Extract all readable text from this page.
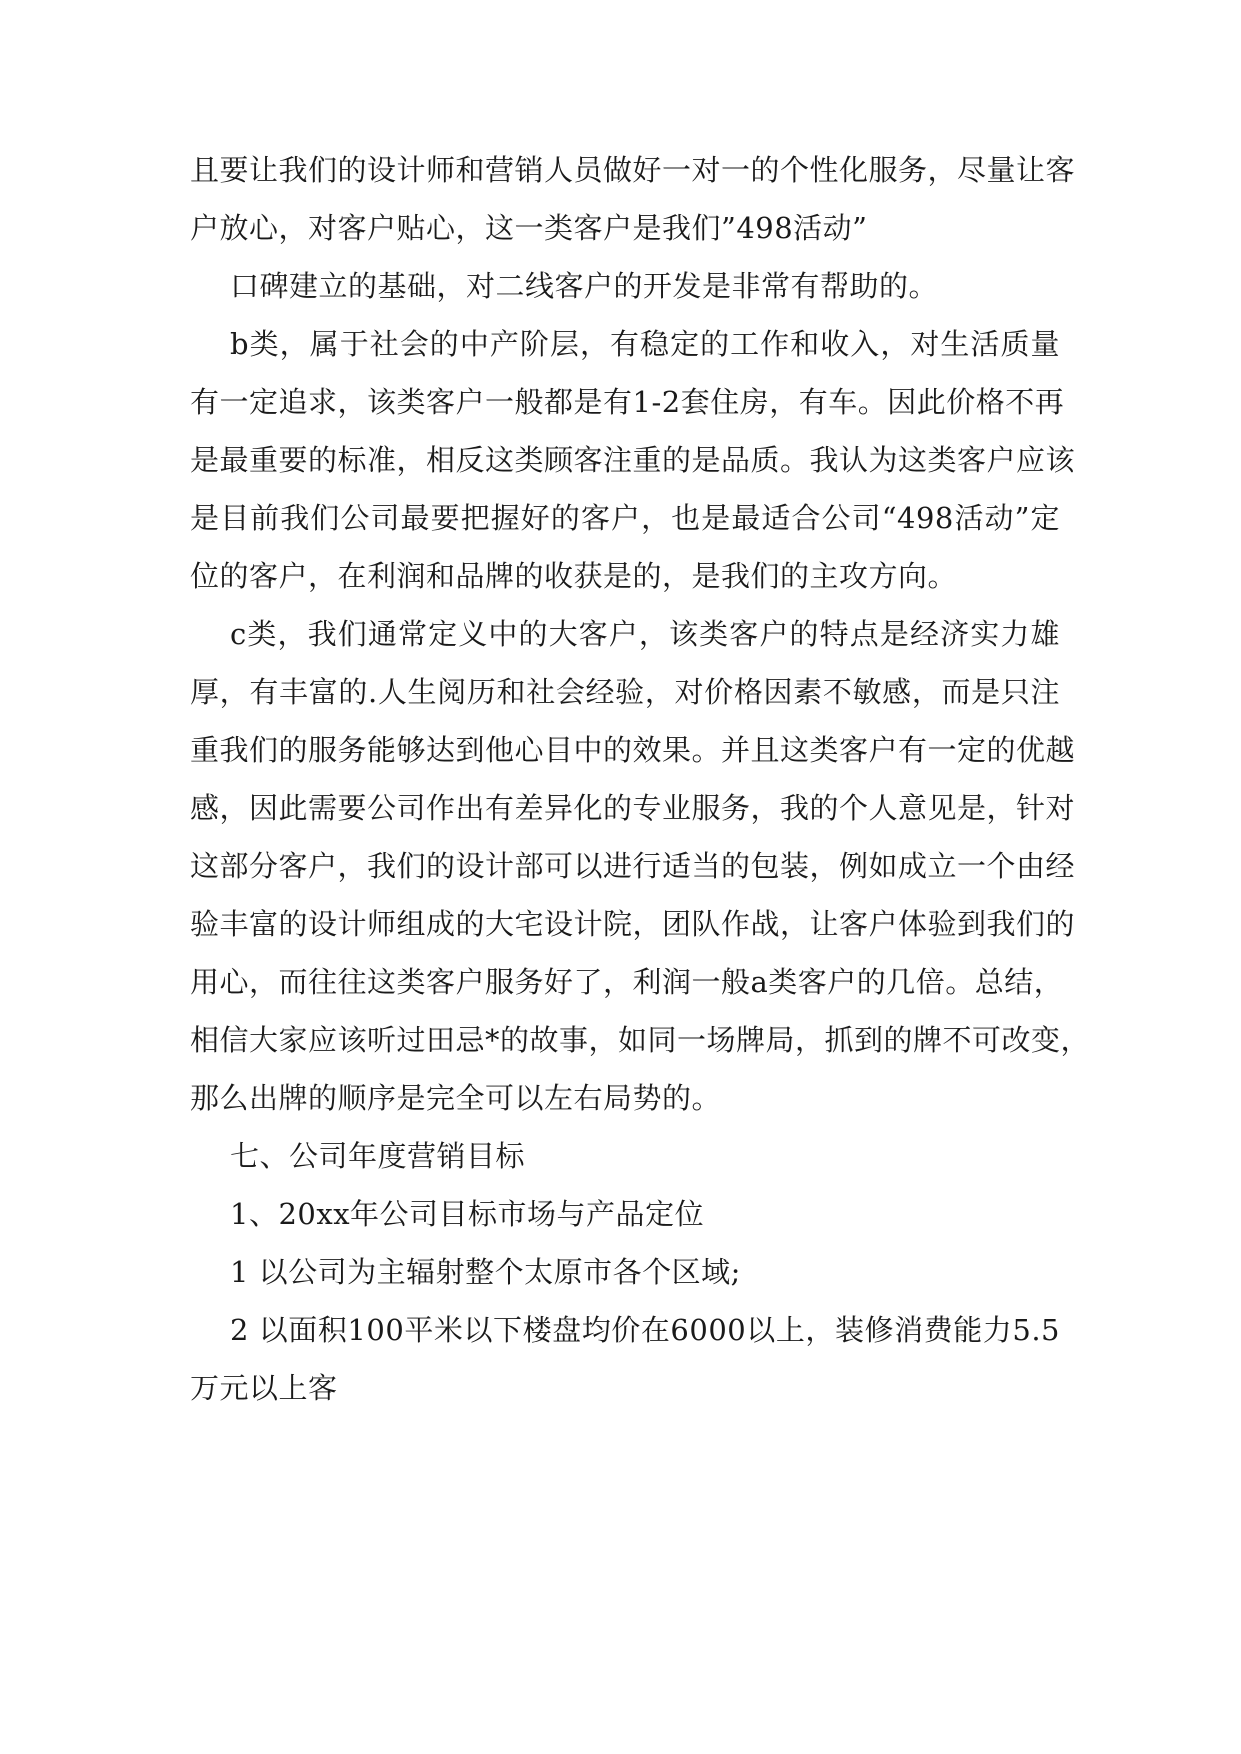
且要让我们的设计师和营销人员做好一对一的个性化服务，尽量让客
户放心，对客户贴心，这一类客户是我们”498活动”
口碑建立的基础，对二线客户的开发是非常有帮助的。
b类，属于社会的中产阶层，有稳定的工作和收入，对生活质量
有一定追求，该类客户一般都是有1-2套住房，有车。因此价格不再
是最重要的标准，相反这类顾客注重的是品质。我认为这类客户应该
是目前我们公司最要把握好的客户，也是最适合公司“498活动”定
位的客户，在利润和品牌的收获是的，是我们的主攻方向。
c类，我们通常定义中的大客户，该类客户的特点是经济实力雄
厚，有丰富的.人生阅历和社会经验，对价格因素不敏感，而是只注
重我们的服务能够达到他心目中的效果。并且这类客户有一定的优越
感，因此需要公司作出有差异化的专业服务，我的个人意见是，针对
这部分客户，我们的设计部可以进行适当的包装，例如成立一个由经
验丰富的设计师组成的大宅设计院，团队作战，让客户体验到我们的
用心，而往往这类客户服务好了，利润一般a类客户的几倍。总结，
相信大家应该听过田忌*的故事，如同一场牌局，抓到的牌不可改变，
那么出牌的顺序是完全可以左右局势的。
七、公司年度营销目标
1、20xx年公司目标市场与产品定位
1 以公司为主辐射整个太原市各个区域;
2 以面积100平米以下楼盘均价在6000以上，装修消费能力5.5
万元以上客
